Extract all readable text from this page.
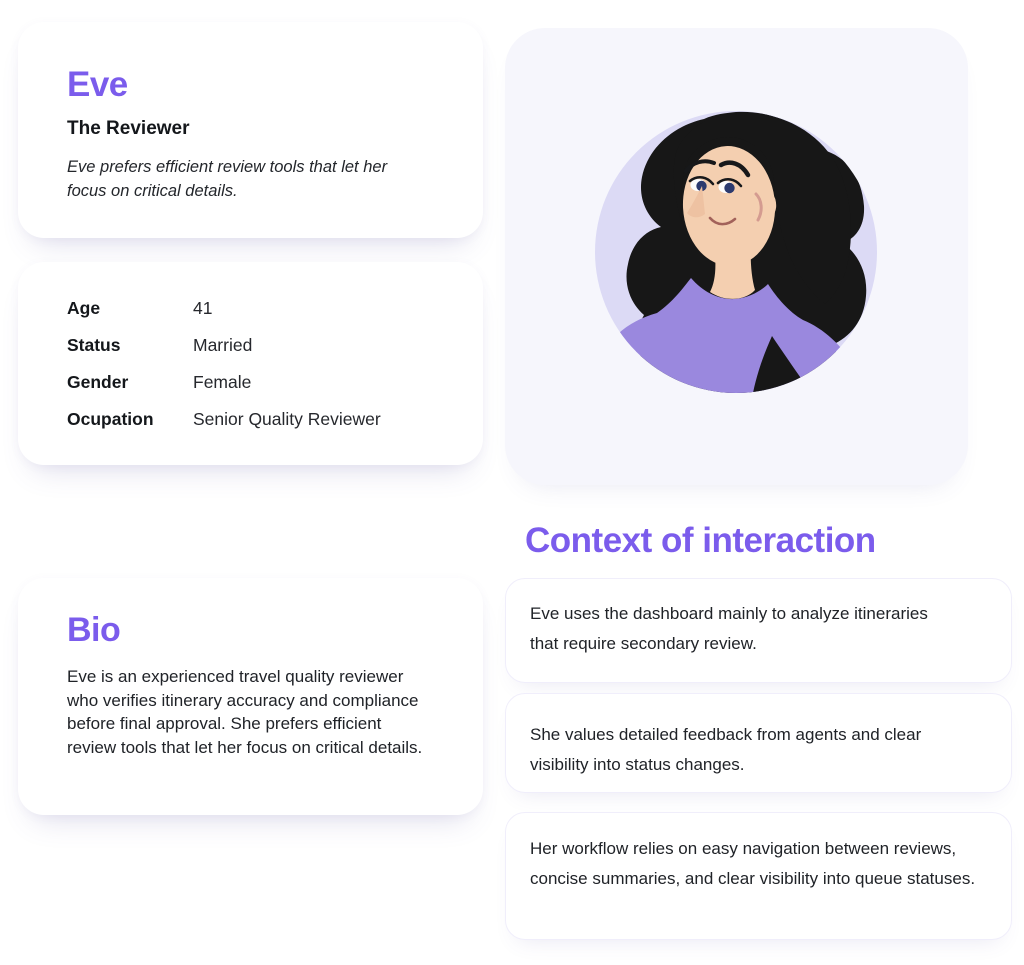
Eve
The Reviewer

Eve prefers efficient review tools that let her focus on critical details.

Age	41
Status	Married
Gender	Female
Ocupation	Senior Quality Reviewer
Context of interaction

Eve uses the dashboard mainly to analyze itineraries that require secondary review.

She values detailed feedback from agents and clear visibility into status changes.

Her workflow relies on easy navigation between reviews, concise summaries, and clear visibility into queue statuses.

Bio

Eve is an experienced travel quality reviewer who verifies itinerary accuracy and compliance before final approval. She prefers efficient review tools that let her focus on critical details.
